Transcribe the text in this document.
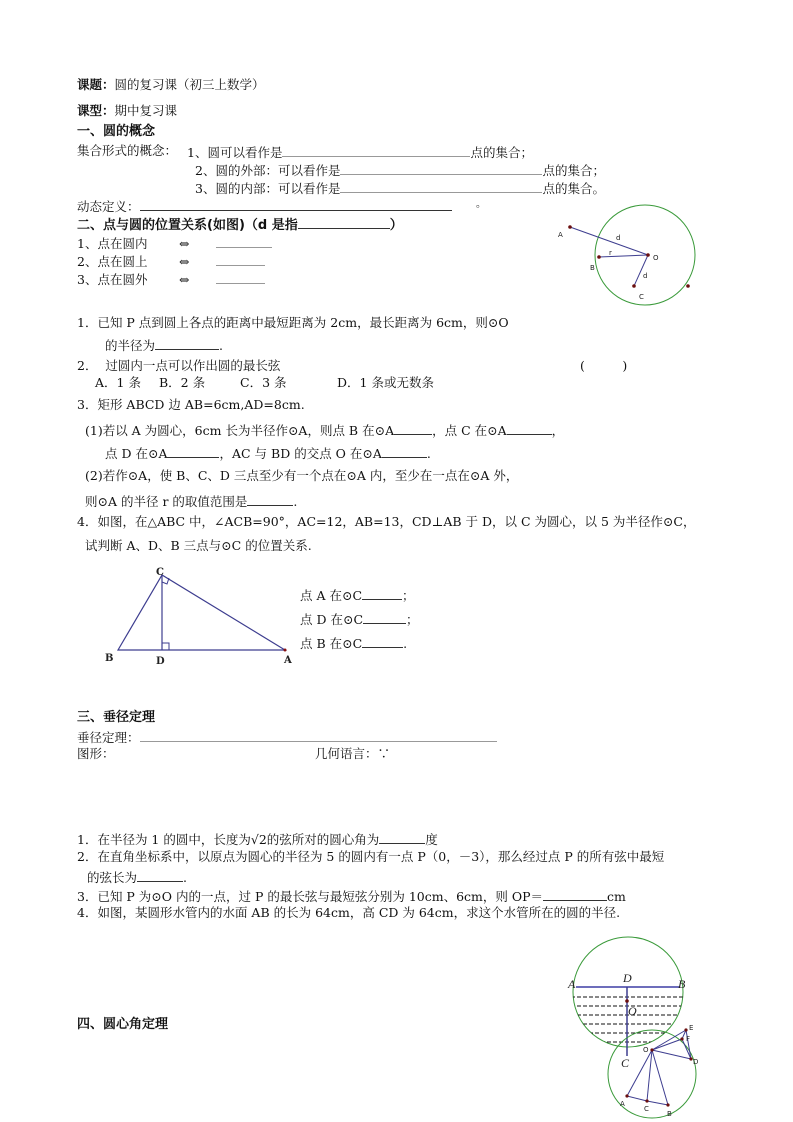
课题：圆的复习课（初三上数学）
课型：期中复习课
一、圆的概念
集合形式的概念： 1、圆可以看作是	点的集合；
2、圆的外部：可以看作是	点的集合；
3、圆的内部：可以看作是	点的集合。
动态定义：	。
二、点与圆的位置关系(如图)（d 是指	）
1、点在圆内	⇔
2、点在圆上	⇔
3、点在圆外	⇔
A
B
C
O
d
r
d
1．已知 P 点到圆上各点的距离中最短距离为 2cm，最长距离为 6cm，则⊙O
的半径为	.
2． 过圆内一点可以作出圆的最长弦	(　　　)
A．1 条 B．2 条	C．3 条	D．1 条或无数条
3．矩形 ABCD 边 AB=6cm,AD=8cm.
(1)若以 A 为圆心，6cm 长为半径作⊙A，则点 B 在⊙A	，点 C 在⊙A	，
点 D 在⊙A	，AC 与 BD 的交点 O 在⊙A	.
(2)若作⊙A，使 B、C、D 三点至少有一个点在⊙A 内，至少在一点在⊙A 外，
则⊙A 的半径 r 的取值范围是	.
4．如图，在△ABC 中，∠ACB=90°，AC=12，AB=13，CD⊥AB 于 D，以 C 为圆心，以 5 为半径作⊙C，
试判断 A、D、B 三点与⊙C 的位置关系.
C
B	D	A
点 A 在⊙C	；
点 D 在⊙C	；
点 B 在⊙C	.
三、垂径定理
垂径定理：
图形：	几何语言：∵
1．在半径为 1 的圆中，长度为√2的弦所对的圆心角为	度
2．在直角坐标系中，以原点为圆心的半径为 5 的圆内有一点 P（0，－3），那么经过点 P 的所有弦中最短
的弦长为	.
3．已知 P 为⊙O 内的一点，过 P 的最长弦与最短弦分别为 10cm、6cm，则 OP＝	cm
4．如图，某圆形水管内的水面 AB 的长为 64cm，高 CD 为 64cm，求这个水管所在的圆的半径.
A	B
D
O
C
四、圆心角定理
A
C
B
D
E
F
O
